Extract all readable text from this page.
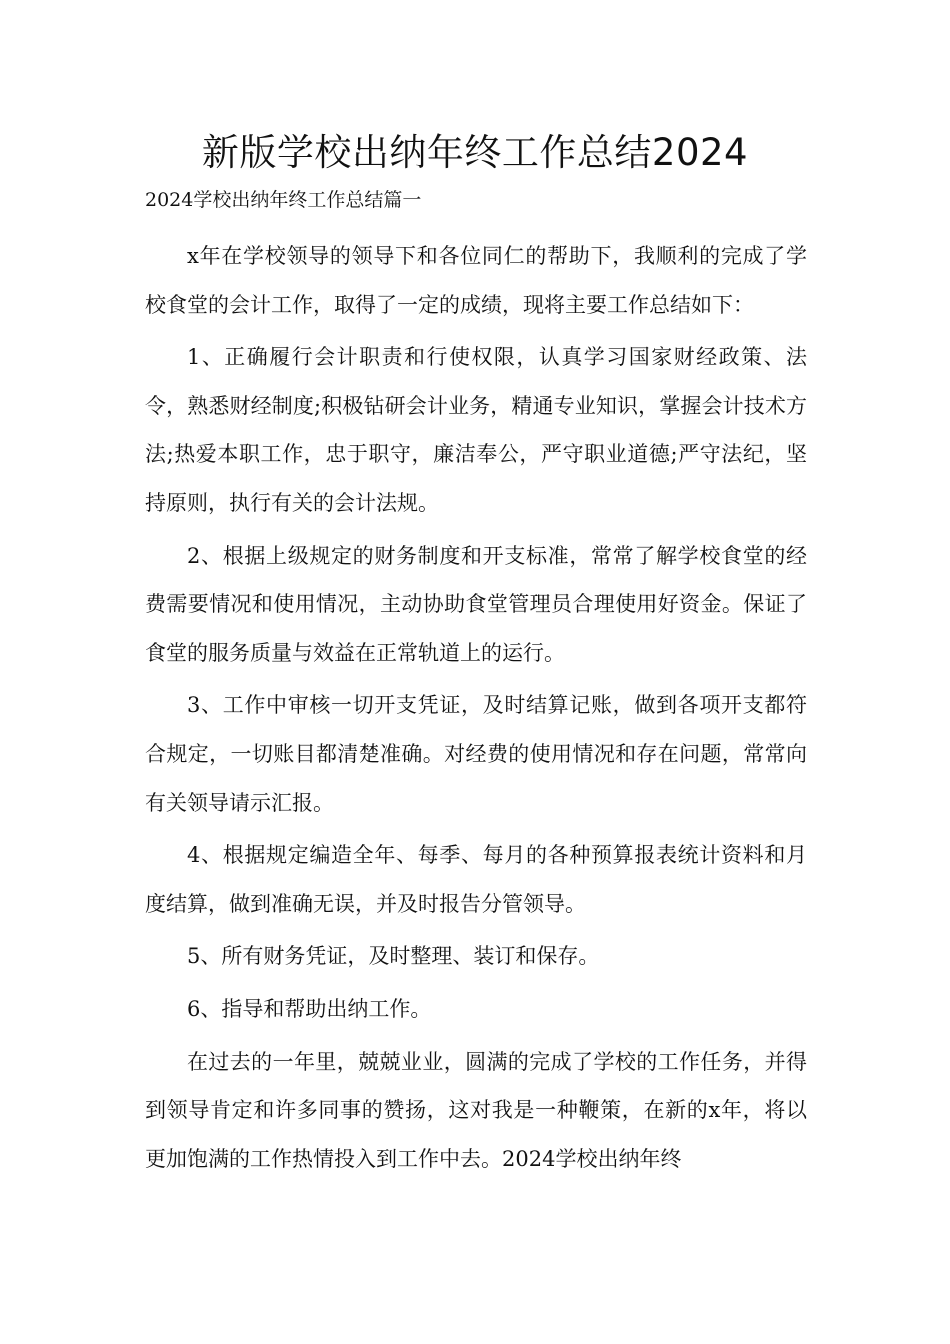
新版学校出纳年终工作总结2024

2024学校出纳年终工作总结篇一

x年在学校领导的领导下和各位同仁的帮助下，我顺利的完成了学校食堂的会计工作，取得了一定的成绩，现将主要工作总结如下：

1、正确履行会计职责和行使权限，认真学习国家财经政策、法令，熟悉财经制度;积极钻研会计业务，精通专业知识，掌握会计技术方法;热爱本职工作，忠于职守，廉洁奉公，严守职业道德;严守法纪，坚持原则，执行有关的会计法规。

2、根据上级规定的财务制度和开支标准，常常了解学校食堂的经费需要情况和使用情况，主动协助食堂管理员合理使用好资金。保证了食堂的服务质量与效益在正常轨道上的运行。

3、工作中审核一切开支凭证，及时结算记账，做到各项开支都符合规定，一切账目都清楚准确。对经费的使用情况和存在问题，常常向有关领导请示汇报。

4、根据规定编造全年、每季、每月的各种预算报表统计资料和月度结算，做到准确无误，并及时报告分管领导。

5、所有财务凭证，及时整理、装订和保存。

6、指导和帮助出纳工作。

在过去的一年里，兢兢业业，圆满的完成了学校的工作任务，并得到领导肯定和许多同事的赞扬，这对我是一种鞭策，在新的x年，将以更加饱满的工作热情投入到工作中去。2024学校出纳年终
